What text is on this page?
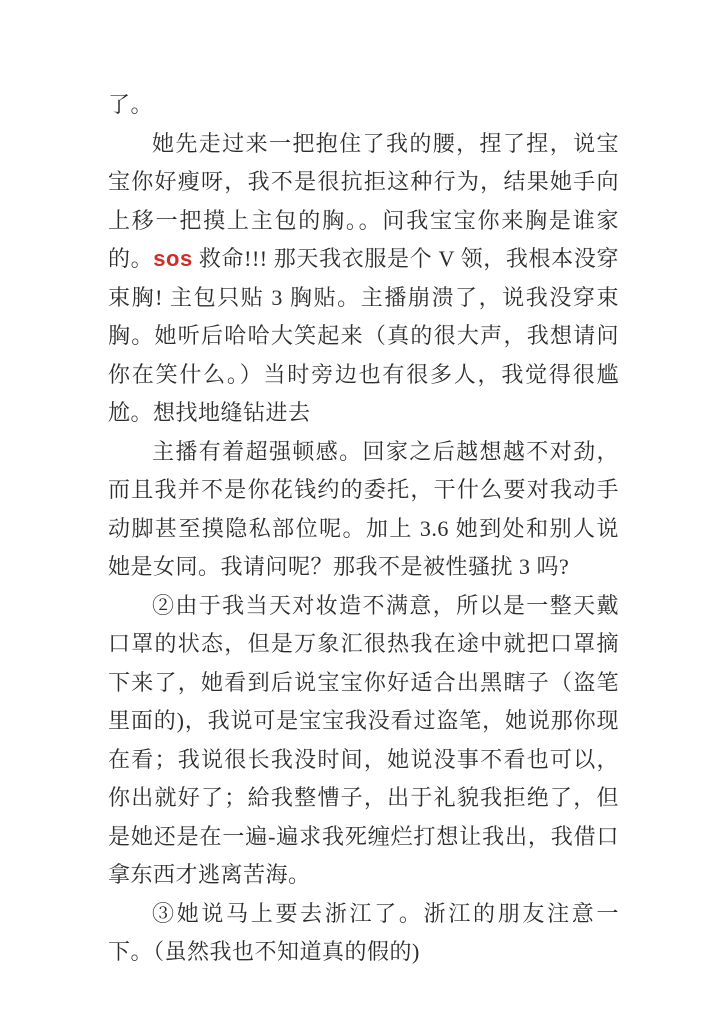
了。

她先走过来一把抱住了我的腰，捏了捏，说宝宝你好瘦呀，我不是很抗拒这种行为，结果她手向上移一把摸上主包的胸。。问我宝宝你来胸是谁家的。sos 救命!!! 那天我衣服是个 V 领，我根本没穿束胸! 主包只贴 3 胸贴。主播崩溃了，说我没穿束胸。她听后哈哈大笑起来（真的很大声，我想请问你在笑什么。）当时旁边也有很多人，我觉得很尴尬。想找地缝钻进去

主播有着超强顿感。回家之后越想越不对劲，而且我并不是你花钱约的委托，干什么要对我动手动脚甚至摸隐私部位呢。加上 3.6 她到处和别人说她是女同。我请问呢？那我不是被性骚扰 3 吗?

②由于我当天对妆造不满意，所以是一整天戴口罩的状态，但是万象汇很热我在途中就把口罩摘下来了，她看到后说宝宝你好适合出黑瞎子（盗笔里面的)，我说可是宝宝我没看过盗笔，她说那你现在看；我说很长我没时间，她说没事不看也可以，你出就好了；給我整慒子，出于礼貌我拒绝了，但是她还是在一遍-遍求我死缠烂打想让我出，我借口拿东西才逃离苦海。

③她说马上要去浙江了。浙江的朋友注意一下。（虽然我也不知道真的假的)
